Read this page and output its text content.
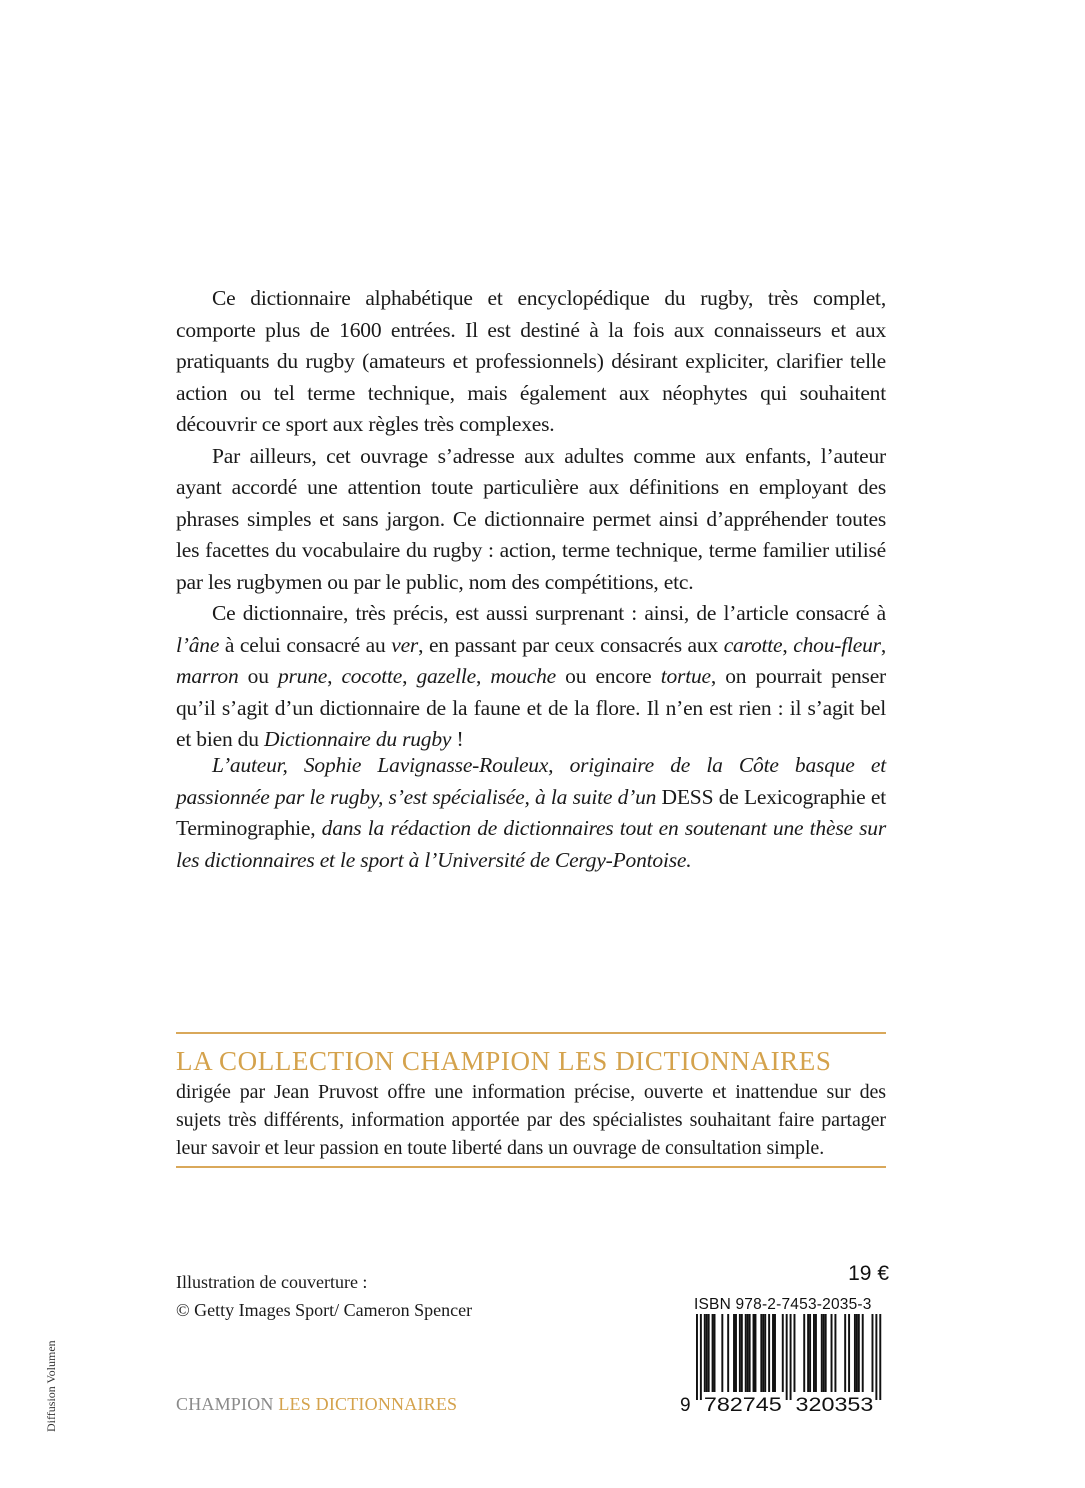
Ce dictionnaire alphabétique et encyclopédique du rugby, très complet, comporte plus de 1600 entrées. Il est destiné à la fois aux connaisseurs et aux pratiquants du rugby (amateurs et professionnels) désirant expliciter, clarifier telle action ou tel terme technique, mais également aux néophytes qui souhaitent découvrir ce sport aux règles très complexes.

Par ailleurs, cet ouvrage s’adresse aux adultes comme aux enfants, l’auteur ayant accordé une attention toute particulière aux définitions en employant des phrases simples et sans jargon. Ce dictionnaire permet ainsi d’appréhender toutes les facettes du vocabulaire du rugby : action, terme technique, terme familier utilisé par les rugbymen ou par le public, nom des compétitions, etc.

Ce dictionnaire, très précis, est aussi surprenant : ainsi, de l’article consacré à l’âne à celui consacré au ver, en passant par ceux consacrés aux carotte, chou-fleur, marron ou prune, cocotte, gazelle, mouche ou encore tortue, on pourrait penser qu’il s’agit d’un dictionnaire de la faune et de la flore. Il n’en est rien : il s’agit bel et bien du Dictionnaire du rugby !

L’auteur, Sophie Lavignasse-Rouleux, originaire de la Côte basque et passionnée par le rugby, s’est spécialisée, à la suite d’un DESS de Lexicographie et Terminographie, dans la rédaction de dictionnaires tout en soutenant une thèse sur les dictionnaires et le sport à l’Université de Cergy-Pontoise.

LA COLLECTION CHAMPION LES DICTIONNAIRES
dirigée par Jean Pruvost offre une information précise, ouverte et inattendue sur des sujets très différents, information apportée par des spécialistes souhaitant faire partager leur savoir et leur passion en toute liberté dans un ouvrage de consultation simple.
Illustration de couverture :
© Getty Images Sport/ Cameron Spencer
CHAMPION LES DICTIONNAIRES
Diffusion Volumen
19 €
ISBN 978-2-7453-2035-3
9 782745 320353
